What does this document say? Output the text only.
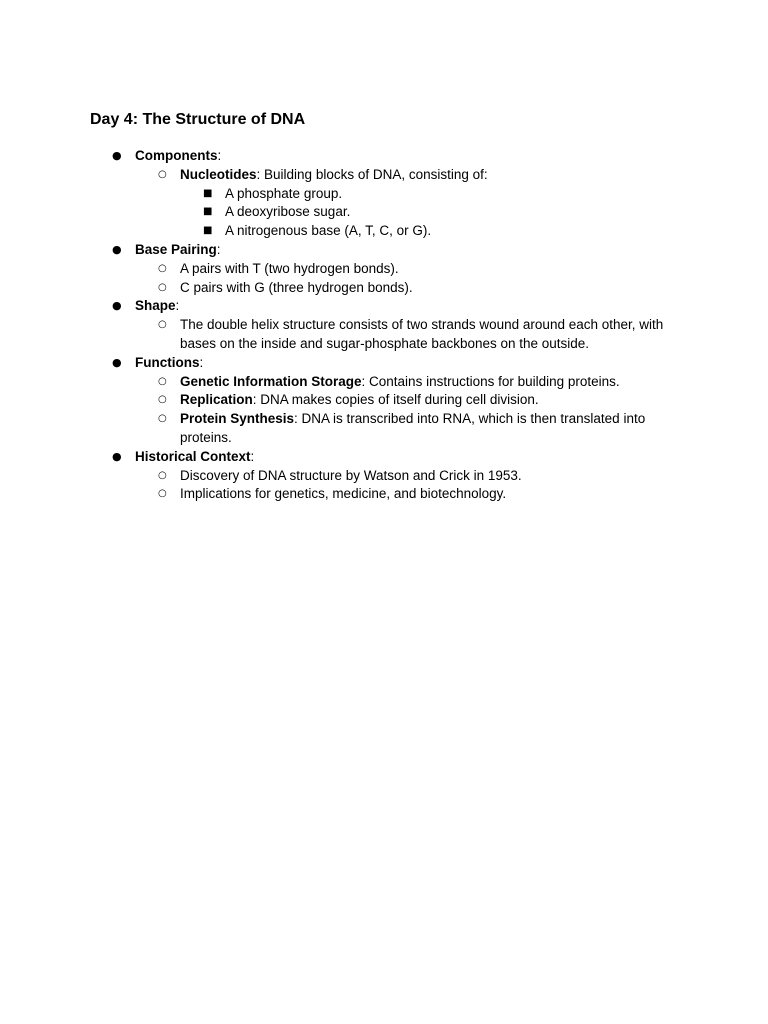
Day 4: The Structure of DNA
● Components:
○ Nucleotides: Building blocks of DNA, consisting of:
■ A phosphate group.
■ A deoxyribose sugar.
■ A nitrogenous base (A, T, C, or G).
● Base Pairing:
○ A pairs with T (two hydrogen bonds).
○ C pairs with G (three hydrogen bonds).
● Shape:
○ The double helix structure consists of two strands wound around each other, with bases on the inside and sugar-phosphate backbones on the outside.
● Functions:
○ Genetic Information Storage: Contains instructions for building proteins.
○ Replication: DNA makes copies of itself during cell division.
○ Protein Synthesis: DNA is transcribed into RNA, which is then translated into proteins.
● Historical Context:
○ Discovery of DNA structure by Watson and Crick in 1953.
○ Implications for genetics, medicine, and biotechnology.
